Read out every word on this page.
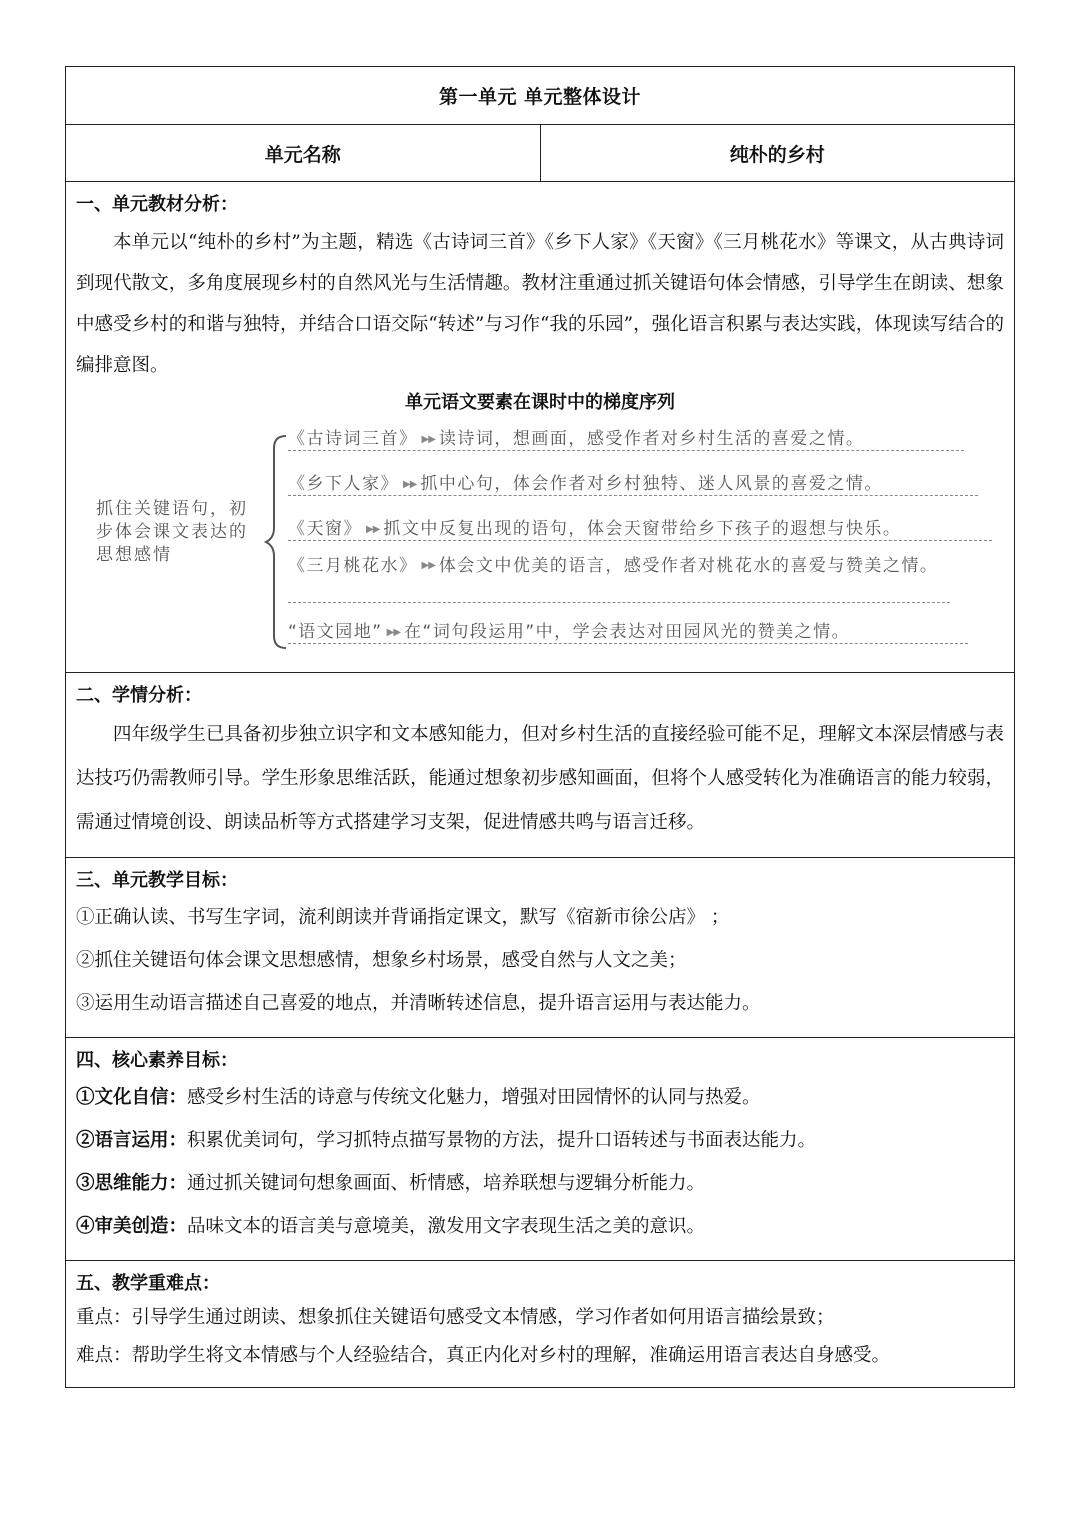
第一单元 单元整体设计
单元名称	纯朴的乡村
一、单元教材分析：
本单元以“纯朴的乡村”为主题，精选《古诗词三首》《乡下人家》《天窗》《三月桃花水》等课文，从古典诗词到现代散文，多角度展现乡村的自然风光与生活情趣。教材注重通过抓关键语句体会情感，引导学生在朗读、想象中感受乡村的和谐与独特，并结合口语交际“转述”与习作“我的乐园”，强化语言积累与表达实践，体现读写结合的编排意图。
单元语文要素在课时中的梯度序列
抓住关键语句，初步体会课文表达的思想感情
《古诗词三首》 ▶▶ 读诗词，想画面，感受作者对乡村生活的喜爱之情。
《乡下人家》 ▶▶ 抓中心句，体会作者对乡村独特、迷人风景的喜爱之情。
《天窗》 ▶▶ 抓文中反复出现的语句，体会天窗带给乡下孩子的遐想与快乐。
《三月桃花水》 ▶▶ 体会文中优美的语言，感受作者对桃花水的喜爱与赞美之情。
“语文园地” ▶▶ 在“词句段运用”中，学会表达对田园风光的赞美之情。
二、学情分析：
四年级学生已具备初步独立识字和文本感知能力，但对乡村生活的直接经验可能不足，理解文本深层情感与表达技巧仍需教师引导。学生形象思维活跃，能通过想象初步感知画面，但将个人感受转化为准确语言的能力较弱，需通过情境创设、朗读品析等方式搭建学习支架，促进情感共鸣与语言迁移。
三、单元教学目标：
①正确认读、书写生字词，流利朗读并背诵指定课文，默写《宿新市徐公店》 ；
②抓住关键语句体会课文思想感情，想象乡村场景，感受自然与人文之美；
③运用生动语言描述自己喜爱的地点，并清晰转述信息，提升语言运用与表达能力。
四、核心素养目标：
①文化自信：感受乡村生活的诗意与传统文化魅力，增强对田园情怀的认同与热爱。
②语言运用：积累优美词句，学习抓特点描写景物的方法，提升口语转述与书面表达能力。
③思维能力：通过抓关键词句想象画面、析情感，培养联想与逻辑分析能力。
④审美创造：品味文本的语言美与意境美，激发用文字表现生活之美的意识。
五、教学重难点：
重点：引导学生通过朗读、想象抓住关键语句感受文本情感，学习作者如何用语言描绘景致；
难点：帮助学生将文本情感与个人经验结合，真正内化对乡村的理解，准确运用语言表达自身感受。
